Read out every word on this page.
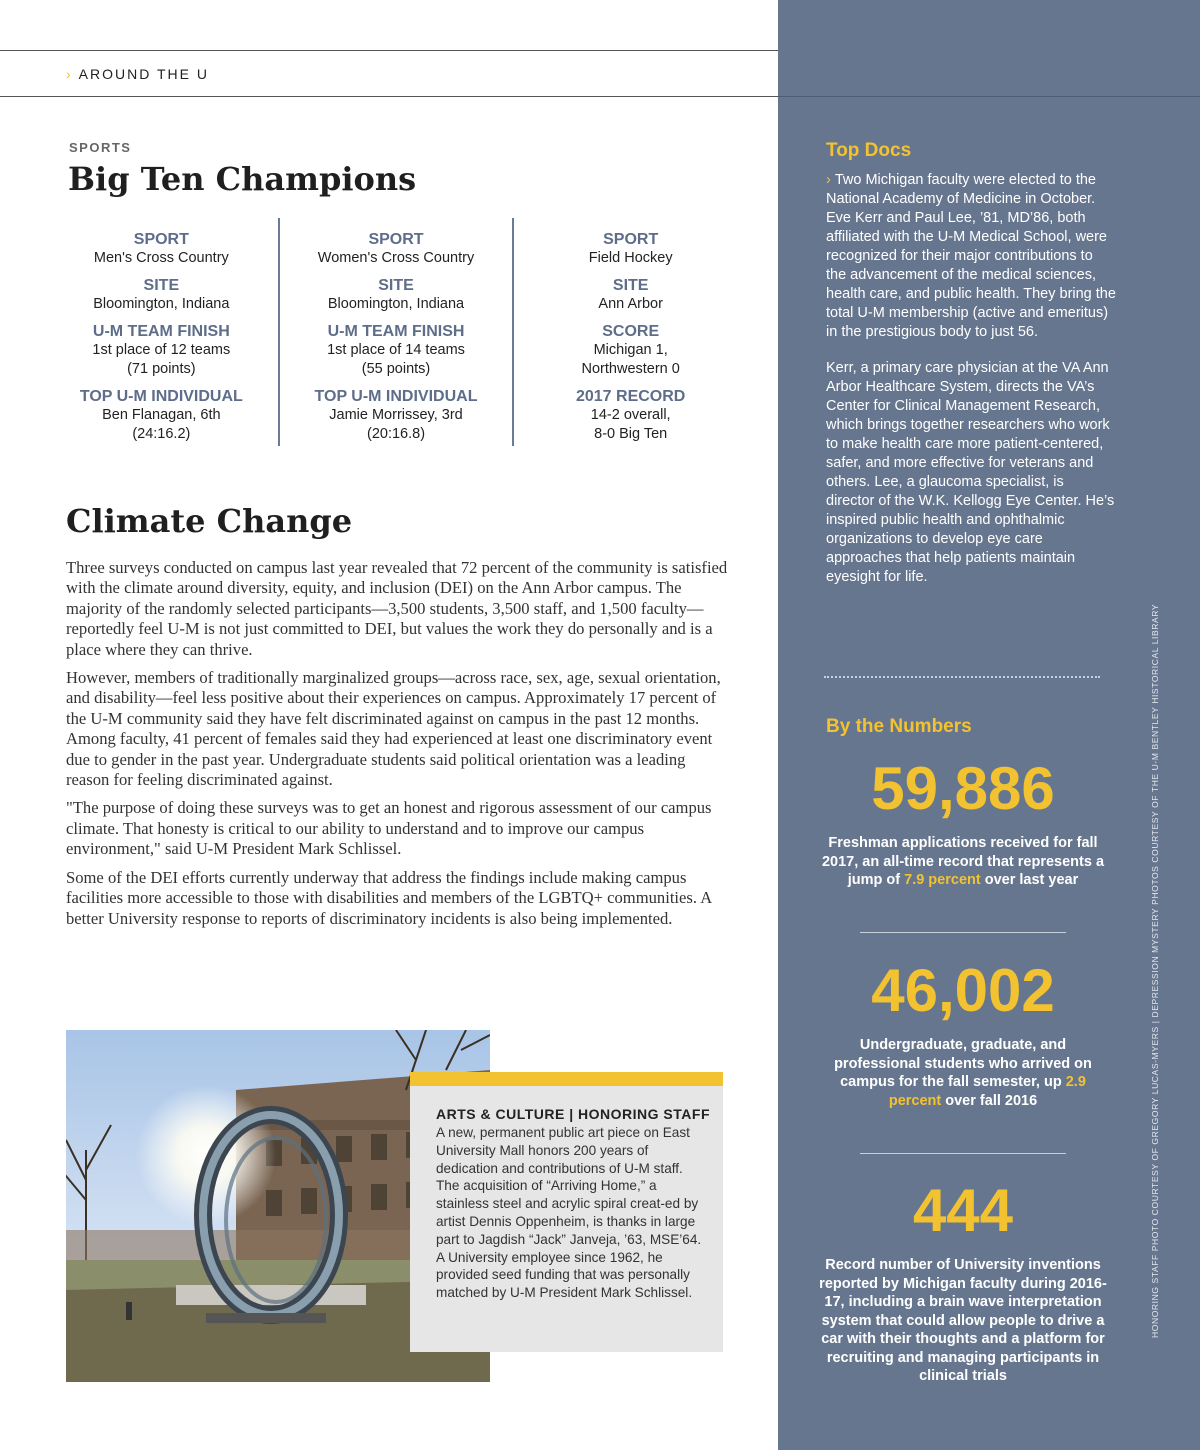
› AROUND THE U
SPORTS
Big Ten Champions
SPORT
Men's Cross Country
SITE
Bloomington, Indiana
U-M TEAM FINISH
1st place of 12 teams
(71 points)
TOP U-M INDIVIDUAL
Ben Flanagan, 6th
(24:16.2)
SPORT
Women's Cross Country
SITE
Bloomington, Indiana
U-M TEAM FINISH
1st place of 14 teams
(55 points)
TOP U-M INDIVIDUAL
Jamie Morrissey, 3rd
(20:16.8)
SPORT
Field Hockey
SITE
Ann Arbor
SCORE
Michigan 1,
Northwestern 0
2017 RECORD
14-2 overall,
8-0 Big Ten
Climate Change

Three surveys conducted on campus last year revealed that 72 percent of the community is satisfied with the climate around diversity, equity, and inclusion (DEI) on the Ann Arbor campus. The majority of the randomly selected participants—3,500 students, 3,500 staff, and 1,500 faculty—reportedly feel U-M is not just committed to DEI, but values the work they do personally and is a place where they can thrive.

However, members of traditionally marginalized groups—across race, sex, age, sexual orientation, and disability—feel less positive about their experiences on campus. Approximately 17 percent of the U-M community said they have felt discriminated against on campus in the past 12 months. Among faculty, 41 percent of females said they had experienced at least one discriminatory event due to gender in the past year. Undergraduate students said political orientation was a leading reason for feeling discriminated against.

"The purpose of doing these surveys was to get an honest and rigorous assessment of our campus climate. That honesty is critical to our ability to understand and to improve our campus environment," said U-M President Mark Schlissel.

Some of the DEI efforts currently underway that address the findings include making campus facilities more accessible to those with disabilities and members of the LGBTQ+ communities. A better University response to reports of discriminatory incidents is also being implemented.

ARTS & CULTURE | HONORING STAFF
A new, permanent public art piece on East University Mall honors 200 years of dedication and contributions of U-M staff. The acquisition of “Arriving Home,” a stainless steel and acrylic spiral creat-ed by artist Dennis Oppenheim, is thanks in large part to Jagdish “Jack” Janveja, ’63, MSE’64. A University employee since 1962, he provided seed funding that was personally matched by U-M President Mark Schlissel.
Top Docs

› Two Michigan faculty were elected to the National Academy of Medicine in October. Eve Kerr and Paul Lee, ’81, MD’86, both affiliated with the U-M Medical School, were recognized for their major contributions to the advancement of the medical sciences, health care, and public health. They bring the total U-M membership (active and emeritus) in the prestigious body to just 56.

Kerr, a primary care physician at the VA Ann Arbor Healthcare System, directs the VA’s Center for Clinical Management Research, which brings together researchers who work to make health care more patient-centered, safer, and more effective for veterans and others. Lee, a glaucoma specialist, is director of the W.K. Kellogg Eye Center. He’s inspired public health and ophthalmic organizations to develop eye care approaches that help patients maintain eyesight for life.

By the Numbers
59,886
Freshman applications received for fall 2017, an all-time record that represents a jump of 7.9 percent over last year
46,002
Undergraduate, graduate, and professional students who arrived on campus for the fall semester, up 2.9 percent over fall 2016
444
Record number of University inventions reported by Michigan faculty during 2016-17, including a brain wave interpretation system that could allow people to drive a car with their thoughts and a platform for recruiting and managing participants in clinical trials
HONORING STAFF PHOTO COURTESY OF GREGORY LUCAS-MYERS | DEPRESSION MYSTERY PHOTOS COURTESY OF THE U-M BENTLEY HISTORICAL LIBRARY
